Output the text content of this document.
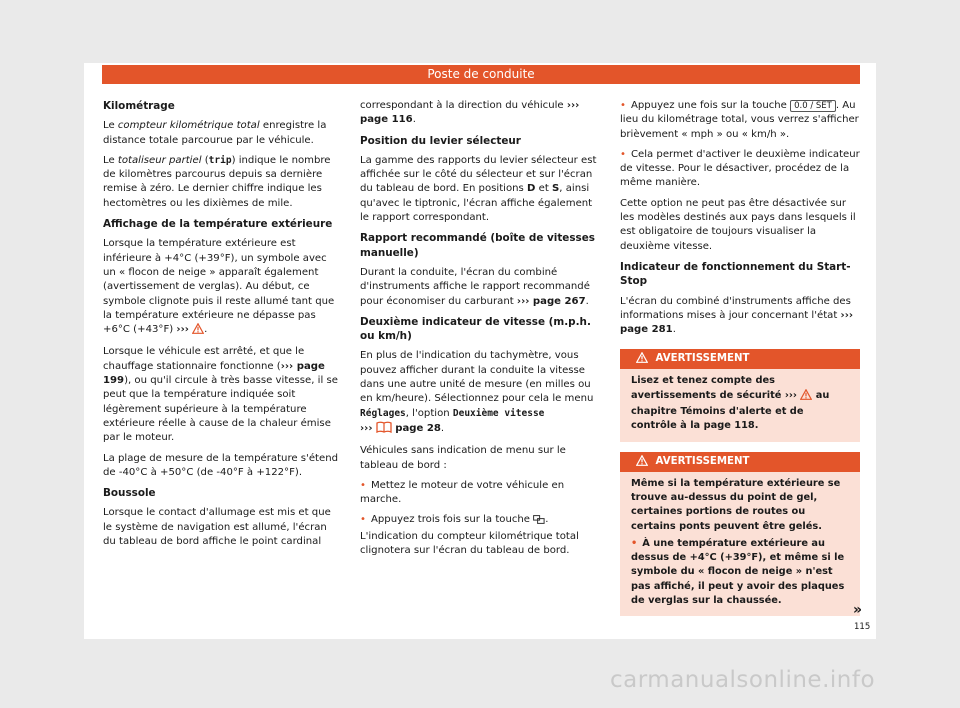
Poste de conduite

Kilométrage

Le compteur kilométrique total enregistre la distance totale parcourue par le véhicule.

Le totaliseur partiel (trip) indique le nombre de kilomètres parcourus depuis sa dernière remise à zéro. Le dernier chiffre indique les hectomètres ou les dixièmes de mile.

Affichage de la température extérieure

Lorsque la température extérieure est inférieure à +4°C (+39°F), un symbole avec un « flocon de neige » apparaît également (avertissement de verglas). Au début, ce symbole clignote puis il reste allumé tant que la température extérieure ne dépasse pas +6°C (+43°F) ››› .

Lorsque le véhicule est arrêté, et que le chauffage stationnaire fonctionne (››› page 199), ou qu'il circule à très basse vitesse, il se peut que la température indiquée soit légèrement supérieure à la température extérieure réelle à cause de la chaleur émise par le moteur.

La plage de mesure de la température s'étend de -40°C à +50°C (de -40°F à +122°F).

Boussole

Lorsque le contact d'allumage est mis et que le système de navigation est allumé, l'écran du tableau de bord affiche le point cardinal

correspondant à la direction du véhicule ››› page 116.

Position du levier sélecteur

La gamme des rapports du levier sélecteur est affichée sur le côté du sélecteur et sur l'écran du tableau de bord. En positions D et S, ainsi qu'avec le tiptronic, l'écran affiche également le rapport correspondant.

Rapport recommandé (boîte de vitesses manuelle)

Durant la conduite, l'écran du combiné d'instruments affiche le rapport recommandé pour économiser du carburant ››› page 267.

Deuxième indicateur de vitesse (m.p.h. ou km/h)

En plus de l'indication du tachymètre, vous pouvez afficher durant la conduite la vitesse dans une autre unité de mesure (en milles ou en km/heure). Sélectionnez pour cela le menu Réglages, l'option Deuxième vitesse
›››  page 28.

Véhicules sans indication de menu sur le tableau de bord :

• Mettez le moteur de votre véhicule en marche.

• Appuyez trois fois sur la touche . L'indication du compteur kilométrique total clignotera sur l'écran du tableau de bord.

• Appuyez une fois sur la touche 0.0 / SET . Au lieu du kilométrage total, vous verrez s'afficher brièvement « mph » ou « km/h ».

• Cela permet d'activer le deuxième indicateur de vitesse. Pour le désactiver, procédez de la même manière.

Cette option ne peut pas être désactivée sur les modèles destinés aux pays dans lesquels il est obligatoire de toujours visualiser la deuxième vitesse.

Indicateur de fonctionnement du Start-Stop

L'écran du combiné d'instruments affiche des informations mises à jour concernant l'état ››› page 281.

AVERTISSEMENT

Lisez et tenez compte des avertissements de sécurité ›››  au chapitre Témoins d'alerte et de contrôle à la page 118.

AVERTISSEMENT

Même si la température extérieure se trouve au-dessus du point de gel, certaines portions de routes ou certains ponts peuvent être gelés.

• À une température extérieure au dessus de +4°C (+39°F), et même si le symbole du « flocon de neige » n'est pas affiché, il peut y avoir des plaques de verglas sur la chaussée.

»
115
carmanualsonline.info
